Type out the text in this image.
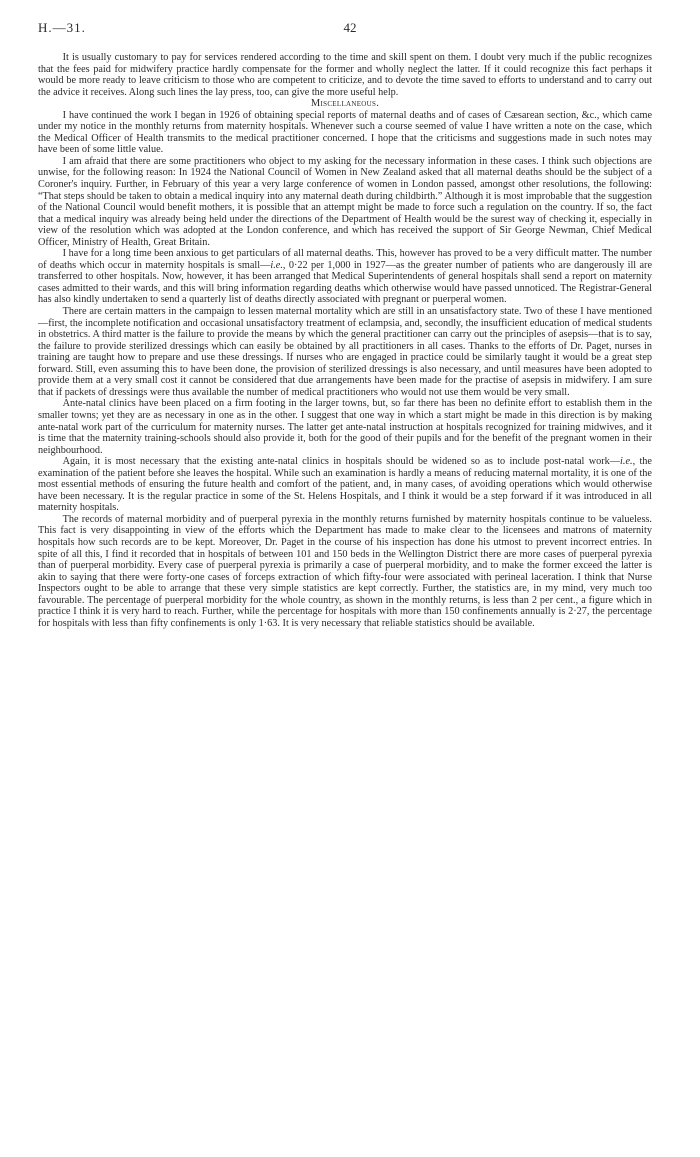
H.—31.	42

It is usually customary to pay for services rendered according to the time and skill spent on them. I doubt very much if the public recognizes that the fees paid for midwifery practice hardly compensate for the former and wholly neglect the latter. If it could recognize this fact perhaps it would be more ready to leave criticism to those who are competent to criticize, and to devote the time saved to efforts to understand and to carry out the advice it receives. Along such lines the lay press, too, can give the more useful help.

Miscellaneous.

I have continued the work I began in 1926 of obtaining special reports of maternal deaths and of cases of Cæsarean section, &c., which came under my notice in the monthly returns from maternity hospitals. Whenever such a course seemed of value I have written a note on the case, which the Medical Officer of Health transmits to the medical practitioner concerned. I hope that the criticisms and suggestions made in such notes may have been of some little value.

I am afraid that there are some practitioners who object to my asking for the necessary information in these cases. I think such objections are unwise, for the following reason: In 1924 the National Council of Women in New Zealand asked that all maternal deaths should be the subject of a Coroner's inquiry. Further, in February of this year a very large conference of women in London passed, amongst other resolutions, the following: “That steps should be taken to obtain a medical inquiry into any maternal death during childbirth.” Although it is most improbable that the suggestion of the National Council would benefit mothers, it is possible that an attempt might be made to force such a regulation on the country. If so, the fact that a medical inquiry was already being held under the directions of the Department of Health would be the surest way of checking it, especially in view of the resolution which was adopted at the London conference, and which has received the support of Sir George Newman, Chief Medical Officer, Ministry of Health, Great Britain.

I have for a long time been anxious to get particulars of all maternal deaths. This, however has proved to be a very difficult matter. The number of deaths which occur in maternity hospitals is small—i.e., 0·22 per 1,000 in 1927—as the greater number of patients who are dangerously ill are transferred to other hospitals. Now, however, it has been arranged that Medical Superintendents of general hospitals shall send a report on maternity cases admitted to their wards, and this will bring information regarding deaths which otherwise would have passed unnoticed. The Registrar-General has also kindly undertaken to send a quarterly list of deaths directly associated with pregnant or puerperal women.

There are certain matters in the campaign to lessen maternal mortality which are still in an unsatisfactory state. Two of these I have mentioned—first, the incomplete notification and occasional unsatisfactory treatment of eclampsia, and, secondly, the insufficient education of medical students in obstetrics. A third matter is the failure to provide the means by which the general practitioner can carry out the principles of asepsis—that is to say, the failure to provide sterilized dressings which can easily be obtained by all practitioners in all cases. Thanks to the efforts of Dr. Paget, nurses in training are taught how to prepare and use these dressings. If nurses who are engaged in practice could be similarly taught it would be a great step forward. Still, even assuming this to have been done, the provision of sterilized dressings is also necessary, and until measures have been adopted to provide them at a very small cost it cannot be considered that due arrangements have been made for the practise of asepsis in midwifery. I am sure that if packets of dressings were thus available the number of medical practitioners who would not use them would be very small.

Ante-natal clinics have been placed on a firm footing in the larger towns, but, so far there has been no definite effort to establish them in the smaller towns; yet they are as necessary in one as in the other. I suggest that one way in which a start might be made in this direction is by making ante-natal work part of the curriculum for maternity nurses. The latter get ante-natal instruction at hospitals recognized for training midwives, and it is time that the maternity training-schools should also provide it, both for the good of their pupils and for the benefit of the pregnant women in their neighbourhood.

Again, it is most necessary that the existing ante-natal clinics in hospitals should be widened so as to include post-natal work—i.e., the examination of the patient before she leaves the hospital. While such an examination is hardly a means of reducing maternal mortality, it is one of the most essential methods of ensuring the future health and comfort of the patient, and, in many cases, of avoiding operations which would otherwise have been necessary. It is the regular practice in some of the St. Helens Hospitals, and I think it would be a step forward if it was introduced in all maternity hospitals.

The records of maternal morbidity and of puerperal pyrexia in the monthly returns furnished by maternity hospitals continue to be valueless. This fact is very disappointing in view of the efforts which the Department has made to make clear to the licensees and matrons of maternity hospitals how such records are to be kept. Moreover, Dr. Paget in the course of his inspection has done his utmost to prevent incorrect entries. In spite of all this, I find it recorded that in hospitals of between 101 and 150 beds in the Wellington District there are more cases of puerperal pyrexia than of puerperal morbidity. Every case of puerperal pyrexia is primarily a case of puerperal morbidity, and to make the former exceed the latter is akin to saying that there were forty-one cases of forceps extraction of which fifty-four were associated with perineal laceration. I think that Nurse Inspectors ought to be able to arrange that these very simple statistics are kept correctly. Further, the statistics are, in my mind, very much too favourable. The percentage of puerperal morbidity for the whole country, as shown in the monthly returns, is less than 2 per cent., a figure which in practice I think it is very hard to reach. Further, while the percentage for hospitals with more than 150 confinements annually is 2·27, the percentage for hospitals with less than fifty confinements is only 1·63. It is very necessary that reliable statistics should be available.
